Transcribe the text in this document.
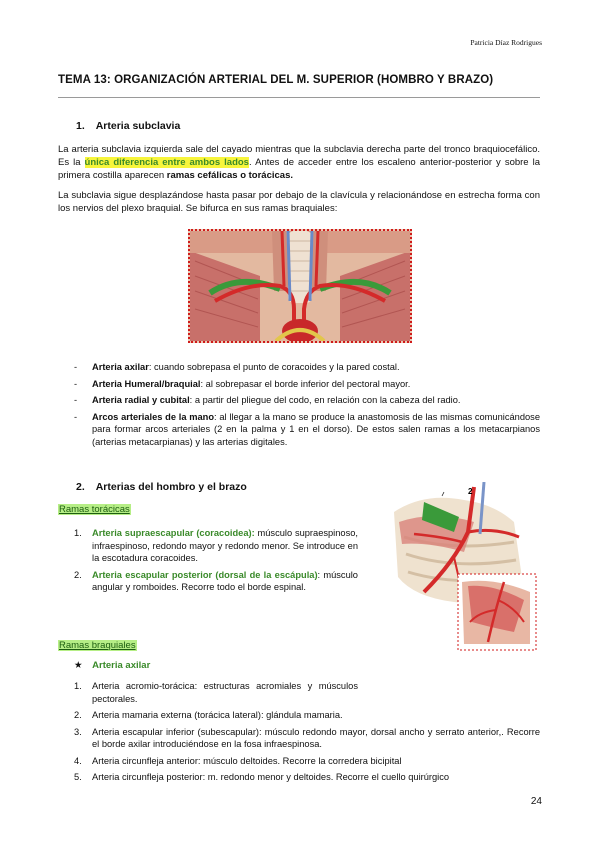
Patricia Díaz Rodrigues
TEMA 13: ORGANIZACIÓN ARTERIAL DEL M. SUPERIOR (HOMBRO Y BRAZO)
1. Arteria subclavia
La arteria subclavia izquierda sale del cayado mientras que la subclavia derecha parte del tronco braquiocefálico. Es la única diferencia entre ambos lados. Antes de acceder entre los escaleno anterior-posterior y sobre la primera costilla aparecen ramas cefálicas o torácicas.
La subclavia sigue desplazándose hasta pasar por debajo de la clavícula y relacionándose en estrecha forma con los nervios del plexo braquial. Se bifurca en sus ramas braquiales:
- Arteria axilar: cuando sobrepasa el punto de coracoides y la pared costal.
- Arteria Humeral/braquial: al sobrepasar el borde inferior del pectoral mayor.
- Arteria radial y cubital: a partir del pliegue del codo, en relación con la cabeza del radio.
- Arcos arteriales de la mano: al llegar a la mano se produce la anastomosis de las mismas comunicándose para formar arcos arteriales (2 en la palma y 1 en el dorso). De estos salen ramas a los metacarpianos (arterias metacarpianas) y las arterias digitales.
2. Arterias del hombro y el brazo
Ramas torácicas
1. Arteria supraescapular (coracoidea): músculo supraespinoso, infraespinoso, redondo mayor y redondo menor. Se introduce en la escotadura coracoides.
2. Arteria escapular posterior (dorsal de la escápula): músculo angular y romboides. Recorre todo el borde espinal.
2
Ramas braquiales
★ Arteria axilar
1. Arteria acromio-torácica: estructuras acromiales y músculos pectorales.
2. Arteria mamaria externa (torácica lateral): glándula mamaria.
3. Arteria escapular inferior (subescapular): músculo redondo mayor, dorsal ancho y serrato anterior,. Recorre el borde axilar introduciéndose en la fosa infraespinosa.
4. Arteria circunfleja anterior: músculo deltoides. Recorre la corredera bicipital
5. Arteria circunfleja posterior: m. redondo menor y deltoides. Recorre el cuello quirúrgico
24
